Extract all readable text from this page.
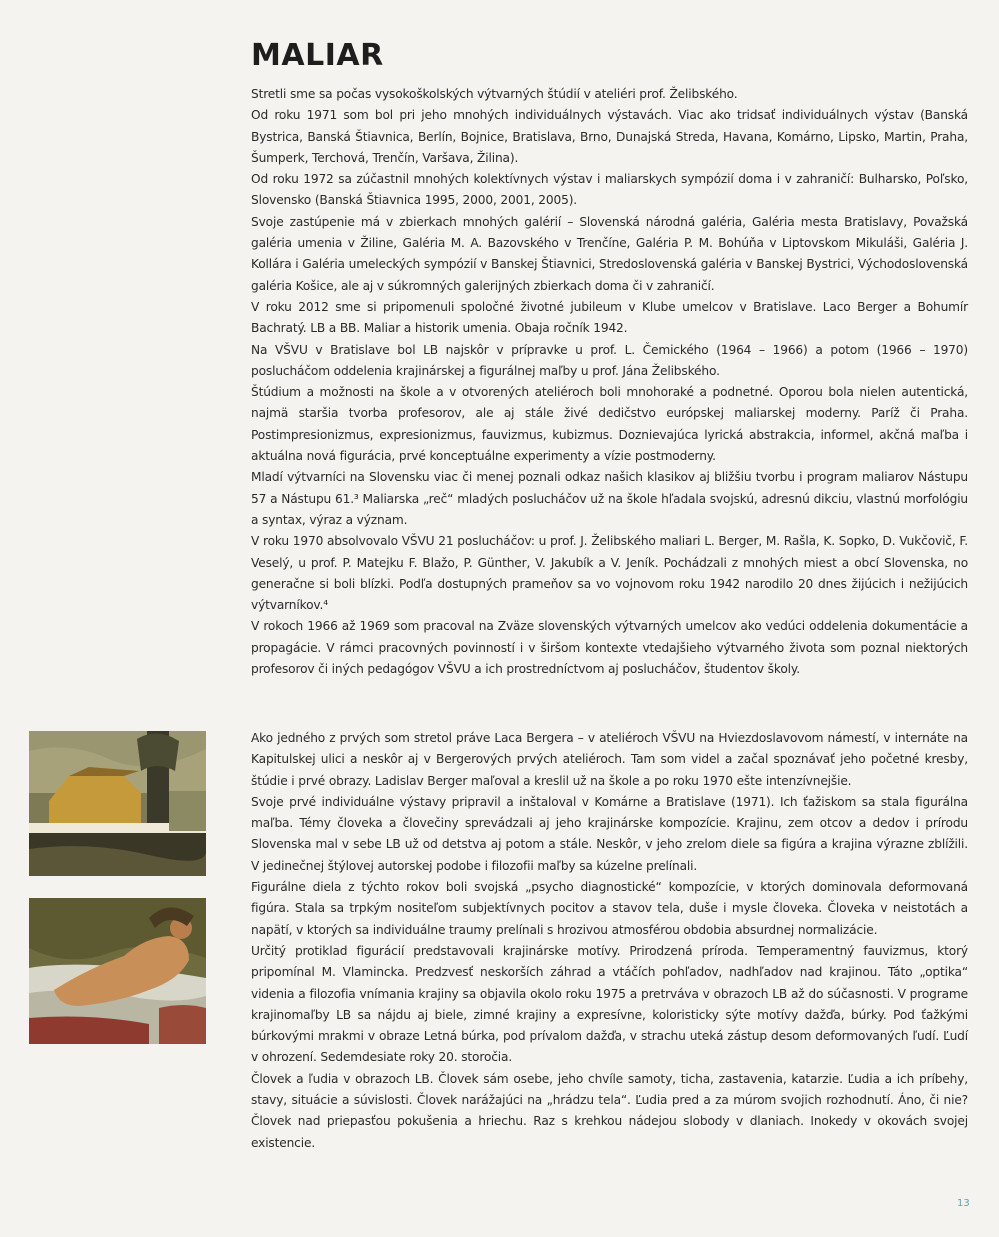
MALIAR

Stretli sme sa počas vysokoškolských výtvarných štúdií v ateliéri prof. Želibského.

Od roku 1971 som bol pri jeho mnohých individuálnych výstavách. Viac ako tridsať individuálnych výstav (Banská Bystrica, Banská Štiavnica, Berlín, Bojnice, Bratislava, Brno, Dunajská Streda, Havana, Komárno, Lipsko, Martin, Praha, Šumperk, Terchová, Trenčín, Varšava, Žilina).

Od roku 1972 sa zúčastnil mnohých kolektívnych výstav i maliarskych sympózií doma i v zahraničí: Bulharsko, Poľsko, Slovensko (Banská Štiavnica 1995, 2000, 2001, 2005).

Svoje zastúpenie má v zbierkach mnohých galérií – Slovenská národná galéria, Galéria mesta Bratislavy, Považská galéria umenia v Žiline, Galéria M. A. Bazovského v Trenčíne, Galéria P. M. Bohúňa v Liptovskom Mikuláši, Galéria J. Kollára i Galéria umeleckých sympózií v Banskej Štiavnici, Stredoslovenská galéria v Banskej Bystrici, Východoslovenská galéria Košice, ale aj v súkromných galerijných zbierkach doma či v zahraničí.

V roku 2012 sme si pripomenuli spoločné životné jubileum v Klube umelcov v Bratislave. Laco Berger a Bohumír Bachratý. LB a BB. Maliar a historik umenia. Obaja ročník 1942.

Na VŠVU v Bratislave bol LB najskôr v prípravke u prof. L. Čemického (1964 – 1966) a potom (1966 – 1970) poslucháčom oddelenia krajinárskej a figurálnej maľby u prof. Jána Želibského.

Štúdium a možnosti na škole a v otvorených ateliéroch boli mnohoraké a podnetné. Oporou bola nielen autentická, najmä staršia tvorba profesorov, ale aj stále živé dedičstvo európskej maliarskej moderny. Paríž či Praha. Postimpresionizmus, expresionizmus, fauvizmus, kubizmus. Doznievajúca lyrická abstrakcia, informel, akčná maľba i aktuálna nová figurácia, prvé konceptuálne experimenty a vízie postmoderny.

Mladí výtvarníci na Slovensku viac či menej poznali odkaz našich klasikov aj bližšiu tvorbu i program maliarov Nástupu 57 a Nástupu 61.³ Maliarska „reč“ mladých poslucháčov už na škole hľadala svojskú, adresnú dikciu, vlastnú morfológiu a syntax, výraz a význam.

V roku 1970 absolvovalo VŠVU 21 poslucháčov: u prof. J. Želibského maliari L. Berger, M. Rašla, K. Sopko, D. Vukčovič, F. Veselý, u prof. P. Matejku F. Blažo, P. Günther, V. Jakubík a V. Jeník. Pochádzali z mnohých miest a obcí Slovenska, no generačne si boli blízki. Podľa dostupných prameňov sa vo vojnovom roku 1942 narodilo 20 dnes žijúcich i nežijúcich výtvarníkov.⁴

V rokoch 1966 až 1969 som pracoval na Zväze slovenských výtvarných umelcov ako vedúci oddelenia dokumentácie a propagácie. V rámci pracovných povinností i v širšom kontexte vtedajšieho výtvarného života som poznal niektorých profesorov či iných pedagógov VŠVU a ich prostredníctvom aj poslucháčov, študentov školy.

Ako jedného z prvých som stretol práve Laca Bergera – v ateliéroch VŠVU na Hviezdoslavovom námestí, v internáte na Kapitulskej ulici a neskôr aj v Bergerových prvých ateliéroch. Tam som videl a začal spoznávať jeho početné kresby, štúdie i prvé obrazy. Ladislav Berger maľoval a kreslil už na škole a po roku 1970 ešte intenzívnejšie.

Svoje prvé individuálne výstavy pripravil a inštaloval v Komárne a Bratislave (1971). Ich ťažiskom sa stala figurálna maľba. Témy človeka a človečiny sprevádzali aj jeho krajinárske kompozície. Krajinu, zem otcov a dedov i prírodu Slovenska mal v sebe LB už od detstva aj potom a stále. Neskôr, v jeho zrelom diele sa figúra a krajina výrazne zblížili. V jedinečnej štýlovej autorskej podobe i filozofii maľby sa kúzelne prelínali.

Figurálne diela z týchto rokov boli svojská „psycho diagnostické“ kompozície, v ktorých dominovala deformovaná figúra. Stala sa trpkým nositeľom subjektívnych pocitov a stavov tela, duše i mysle človeka. Človeka v neistotách a napätí, v ktorých sa individuálne traumy prelínali s hrozivou atmosférou obdobia absurdnej normalizácie.

Určitý protiklad figurácií predstavovali krajinárske motívy. Prirodzená príroda. Temperamentný fauvizmus, ktorý pripomínal M. Vlamincka. Predzvesť neskorších záhrad a vtáčích pohľadov, nadhľadov nad krajinou. Táto „optika“ videnia a filozofia vnímania krajiny sa objavila okolo roku 1975 a pretrváva v obrazoch LB až do súčasnosti. V programe krajinomaľby LB sa nájdu aj biele, zimné krajiny a expresívne, koloristicky sýte motívy dažďa, búrky. Pod ťažkými búrkovými mrakmi v obraze Letná búrka, pod prívalom dažďa, v strachu uteká zástup desom deformovaných ľudí. Ľudí v ohrození. Sedemdesiate roky 20. storočia.

Človek a ľudia v obrazoch LB. Človek sám osebe, jeho chvíle samoty, ticha, zastavenia, katarzie. Ľudia a ich príbehy, stavy, situácie a súvislosti. Človek narážajúci na „hrádzu tela“. Ľudia pred a za múrom svojich rozhodnutí. Áno, či nie? Človek nad priepasťou pokušenia a hriechu. Raz s krehkou nádejou slobody v dlaniach. Inokedy v okovách svojej existencie.

13
